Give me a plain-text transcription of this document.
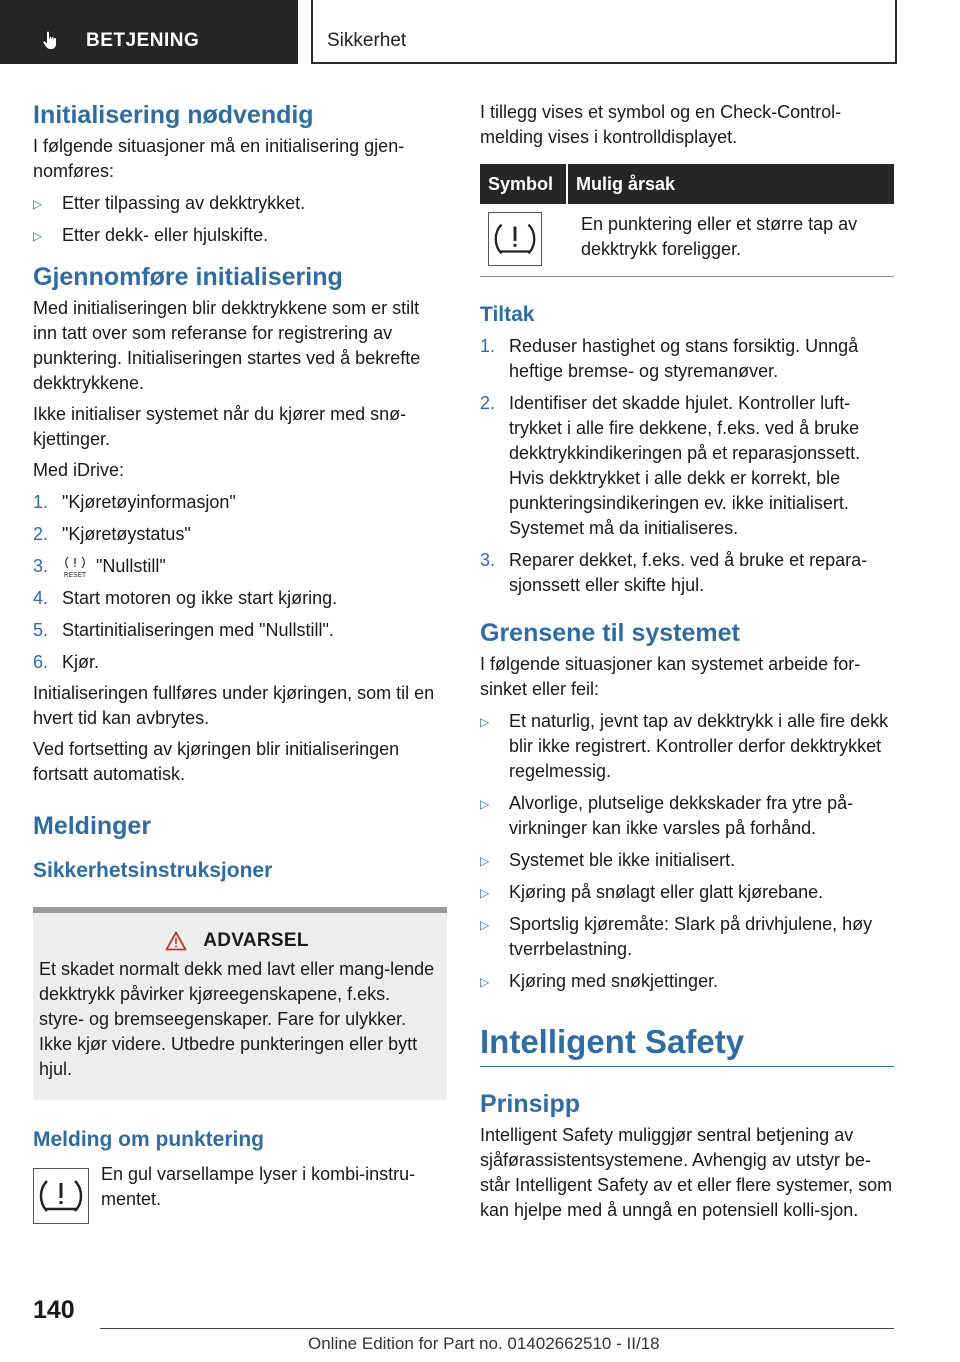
BETJENING	Sikkerhet
Initialisering nødvendig

I følgende situasjoner må en initialisering gjen-nomføres:

▷ Etter tilpassing av dekktrykket.
▷ Etter dekk- eller hjulskifte.
Gjennomføre initialisering

Med initialiseringen blir dekktrykkene som er stilt inn tatt over som referanse for registrering av punktering. Initialiseringen startes ved å bekrefte dekktrykkene.

Ikke initialiser systemet når du kjører med snø-kjettinger.

Med iDrive:

1. "Kjøretøyinformasjon"
2. "Kjøretøystatus"
3. RESET "Nullstill"
4. Start motoren og ikke start kjøring.
5. Startinitialiseringen med "Nullstill".
6. Kjør.

Initialiseringen fullføres under kjøringen, som til en hvert tid kan avbrytes.

Ved fortsetting av kjøringen blir initialiseringen fortsatt automatisk.

Meldinger
Sikkerhetsinstruksjoner
ADVARSEL

Et skadet normalt dekk med lavt eller mang-lende dekktrykk påvirker kjøreegenskapene, f.eks. styre- og bremseegenskaper. Fare for ulykker. Ikke kjør videre. Utbedre punkteringen eller bytt hjul.

Melding om punktering

En gul varsellampe lyser i kombi-instru-mentet.

I tillegg vises et symbol og en Check-Control-melding vises i kontrolldisplayet.

Symbol	Mulig årsak

	En punktering eller et større tap av dekktrykk foreligger.
Tiltak
1. Reduser hastighet og stans forsiktig. Unngå heftige bremse- og styremanøver.
2. Identifiser det skadde hjulet. Kontroller luft-trykket i alle fire dekkene, f.eks. ved å bruke dekktrykkindikeringen på et reparasjonssett. Hvis dekktrykket i alle dekk er korrekt, ble punkteringsindikeringen ev. ikke initialisert. Systemet må da initialiseres.
3. Reparer dekket, f.eks. ved å bruke et repara-sjonssett eller skifte hjul.
Grensene til systemet

I følgende situasjoner kan systemet arbeide for-sinket eller feil:

▷ Et naturlig, jevnt tap av dekktrykk i alle fire dekk blir ikke registrert. Kontroller derfor dekktrykket regelmessig.
▷ Alvorlige, plutselige dekkskader fra ytre på-virkninger kan ikke varsles på forhånd.
▷ Systemet ble ikke initialisert.
▷ Kjøring på snølagt eller glatt kjørebane.
▷ Sportslig kjøremåte: Slark på drivhjulene, høy tverrbelastning.
▷ Kjøring med snøkjettinger.
Intelligent Safety
Prinsipp

Intelligent Safety muliggjør sentral betjening av sjåførassistentsystemene. Avhengig av utstyr be-står Intelligent Safety av et eller flere systemer, som kan hjelpe med å unngå en potensiell kolli-sjon.

140
Online Edition for Part no. 01402662510 - II/18
